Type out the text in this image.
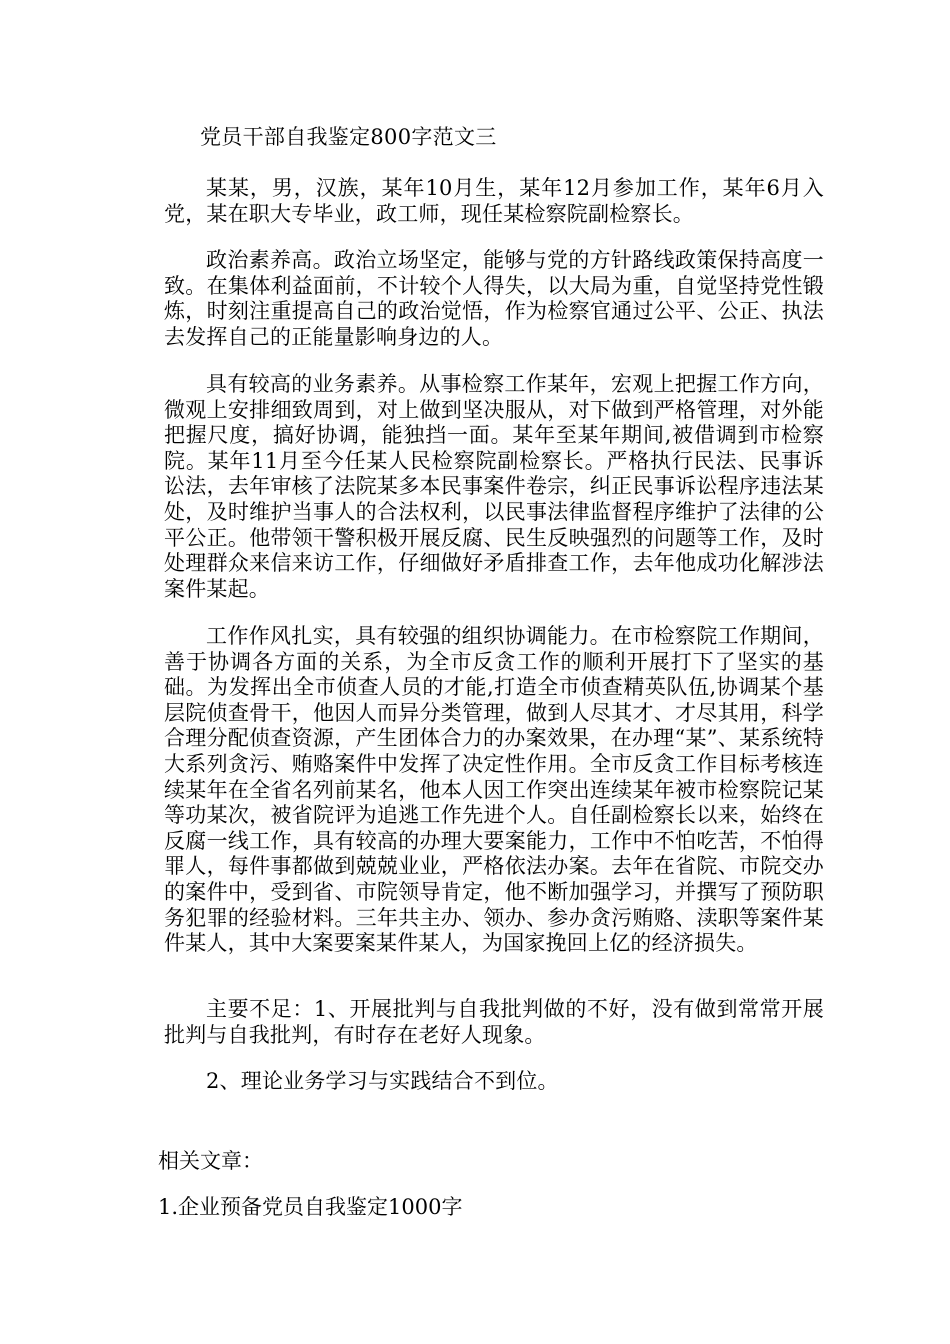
党员干部自我鉴定800字范文三

某某，男，汉族，某年10月生，某年12月参加工作，某年6月入党，某在职大专毕业，政工师，现任某检察院副检察长。

政治素养高。政治立场坚定，能够与党的方针路线政策保持高度一致。在集体利益面前，不计较个人得失，以大局为重，自觉坚持党性锻炼，时刻注重提高自己的政治觉悟，作为检察官通过公平、公正、执法去发挥自己的正能量影响身边的人。

具有较高的业务素养。从事检察工作某年，宏观上把握工作方向，微观上安排细致周到，对上做到坚决服从，对下做到严格管理，对外能把握尺度，搞好协调，能独挡一面。某年至某年期间,被借调到市检察院。某年11月至今任某人民检察院副检察长。严格执行民法、民事诉讼法，去年审核了法院某多本民事案件卷宗，纠正民事诉讼程序违法某处，及时维护当事人的合法权利，以民事法律监督程序维护了法律的公平公正。他带领干警积极开展反腐、民生反映强烈的问题等工作，及时处理群众来信来访工作，仔细做好矛盾排查工作，去年他成功化解涉法案件某起。

工作作风扎实，具有较强的组织协调能力。在市检察院工作期间，善于协调各方面的关系，为全市反贪工作的顺利开展打下了坚实的基础。为发挥出全市侦查人员的才能,打造全市侦查精英队伍,协调某个基层院侦查骨干，他因人而异分类管理，做到人尽其才、才尽其用，科学合理分配侦查资源，产生团体合力的办案效果，在办理“某”、某系统特大系列贪污、贿赂案件中发挥了决定性作用。全市反贪工作目标考核连续某年在全省名列前某名，他本人因工作突出连续某年被市检察院记某等功某次，被省院评为追逃工作先进个人。自任副检察长以来，始终在反腐一线工作，具有较高的办理大要案能力，工作中不怕吃苦，不怕得罪人，每件事都做到兢兢业业，严格依法办案。去年在省院、市院交办的案件中，受到省、市院领导肯定，他不断加强学习，并撰写了预防职务犯罪的经验材料。三年共主办、领办、参办贪污贿赂、渎职等案件某件某人，其中大案要案某件某人，为国家挽回上亿的经济损失。

主要不足：1、开展批判与自我批判做的不好，没有做到常常开展批判与自我批判，有时存在老好人现象。

2、理论业务学习与实践结合不到位。

相关文章：
1.企业预备党员自我鉴定1000字
